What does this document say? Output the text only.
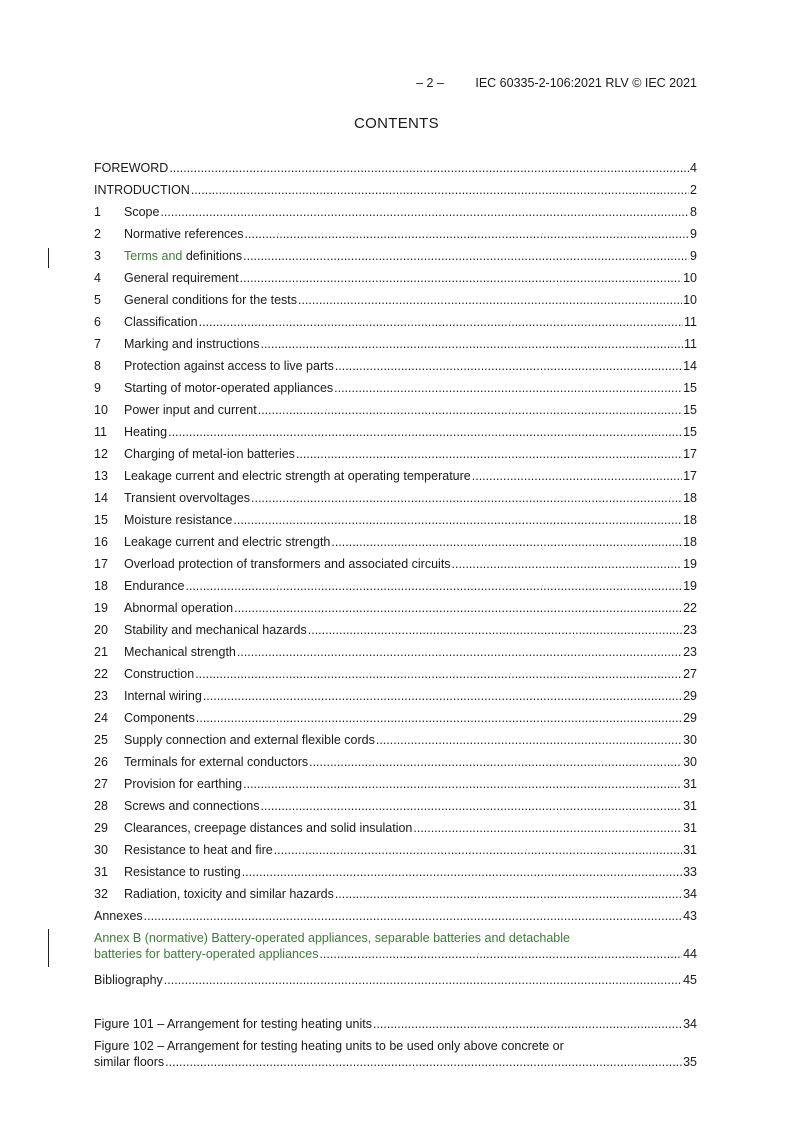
– 2 –	IEC 60335-2-106:2021 RLV © IEC 2021
CONTENTS
FOREWORD .....	4
INTRODUCTION .....	2
1	Scope .....	8
2	Normative references .....	9
3	Terms and definitions .....	9
4	General requirement .....	10
5	General conditions for the tests .....	10
6	Classification .....	11
7	Marking and instructions .....	11
8	Protection against access to live parts .....	14
9	Starting of motor-operated appliances .....	15
10	Power input and current .....	15
11	Heating .....	15
12	Charging of metal-ion batteries .....	17
13	Leakage current and electric strength at operating temperature .....	17
14	Transient overvoltages .....	18
15	Moisture resistance .....	18
16	Leakage current and electric strength .....	18
17	Overload protection of transformers and associated circuits .....	19
18	Endurance .....	19
19	Abnormal operation .....	22
20	Stability and mechanical hazards .....	23
21	Mechanical strength .....	23
22	Construction .....	27
23	Internal wiring .....	29
24	Components .....	29
25	Supply connection and external flexible cords .....	30
26	Terminals for external conductors .....	30
27	Provision for earthing .....	31
28	Screws and connections .....	31
29	Clearances, creepage distances and solid insulation .....	31
30	Resistance to heat and fire .....	31
31	Resistance to rusting .....	33
32	Radiation, toxicity and similar hazards .....	34
Annexes .....	43
Annex B (normative) Battery-operated appliances, separable batteries and detachable
batteries for battery-operated appliances .....	44
Bibliography .....	45
Figure 101 – Arrangement for testing heating units .....	34
Figure 102 – Arrangement for testing heating units to be used only above concrete or
similar floors .....	35
